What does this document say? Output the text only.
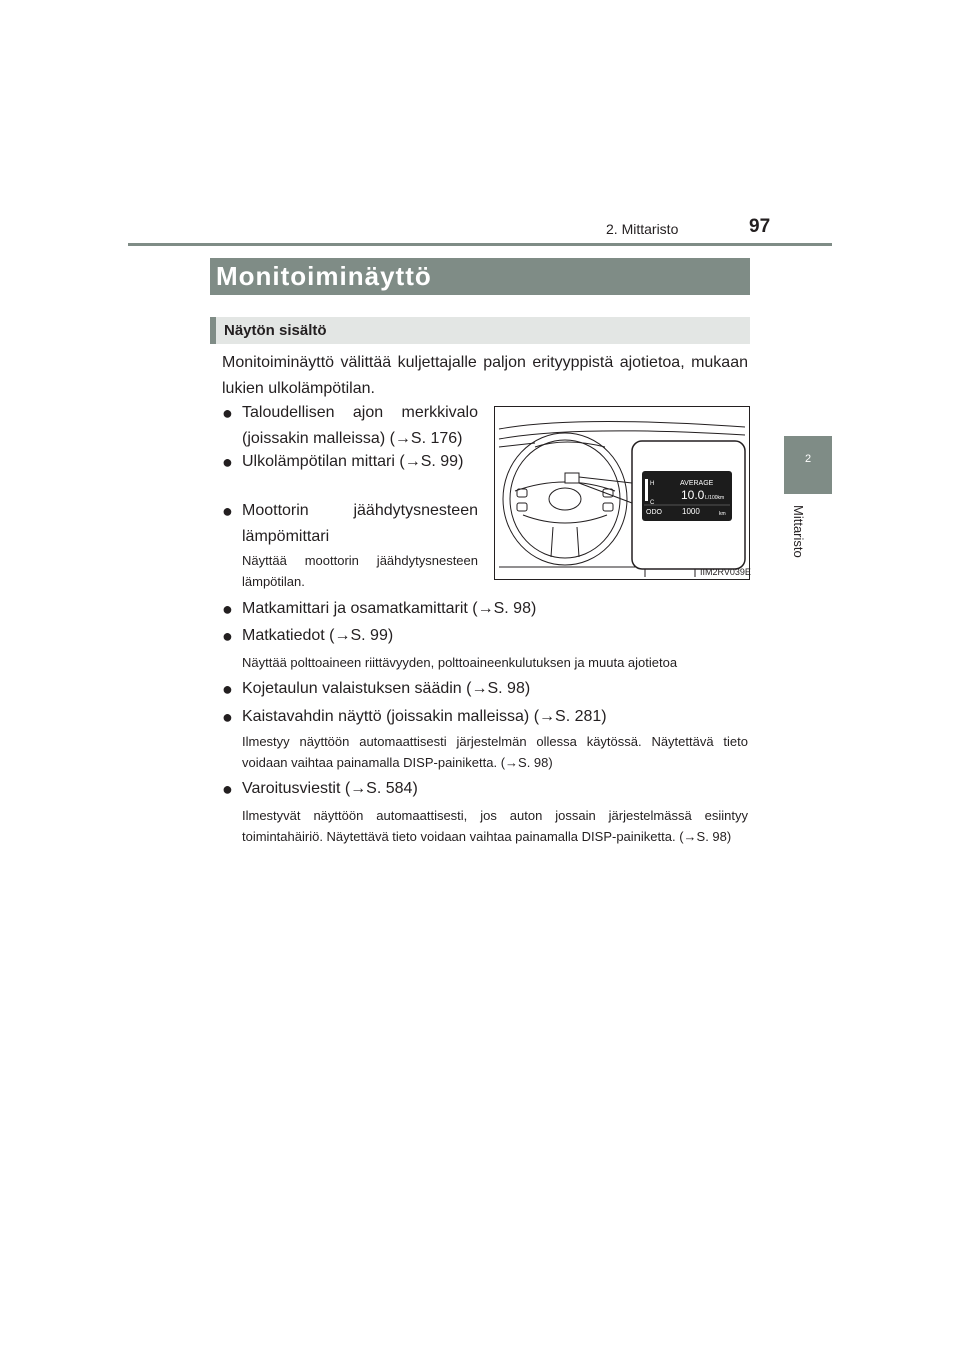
2. Mittaristo	97
2
Mittaristo
Monitoiminäyttö
Näytön sisältö
Monitoiminäyttö välittää kuljettajalle paljon erityyppistä ajotietoa, mukaan lukien ulkolämpötilan.
● Taloudellisen ajon merkkivalo (joissakin malleissa) (→S. 176)
● Ulkolämpötilan mittari (→S. 99)
● Moottorin jäähdytysnesteen lämpömittari
Näyttää moottorin jäähdytysnesteen lämpötilan.
H
C
AVERAGE
10.0 L/100km
ODO	1000	km
IIM2RV039E
● Matkamittari ja osamatkamittarit (→S. 98)
● Matkatiedot (→S. 99)
Näyttää polttoaineen riittävyyden, polttoaineenkulutuksen ja muuta ajotietoa
● Kojetaulun valaistuksen säädin (→S. 98)
● Kaistavahdin näyttö (joissakin malleissa) (→S. 281)
Ilmestyy näyttöön automaattisesti järjestelmän ollessa käytössä. Näytettävä tieto voidaan vaihtaa painamalla DISP-painiketta. (→S. 98)
● Varoitusviestit (→S. 584)
Ilmestyvät näyttöön automaattisesti, jos auton jossain järjestelmässä esiintyy toimintahäiriö. Näytettävä tieto voidaan vaihtaa painamalla DISP-painiketta. (→S. 98)
